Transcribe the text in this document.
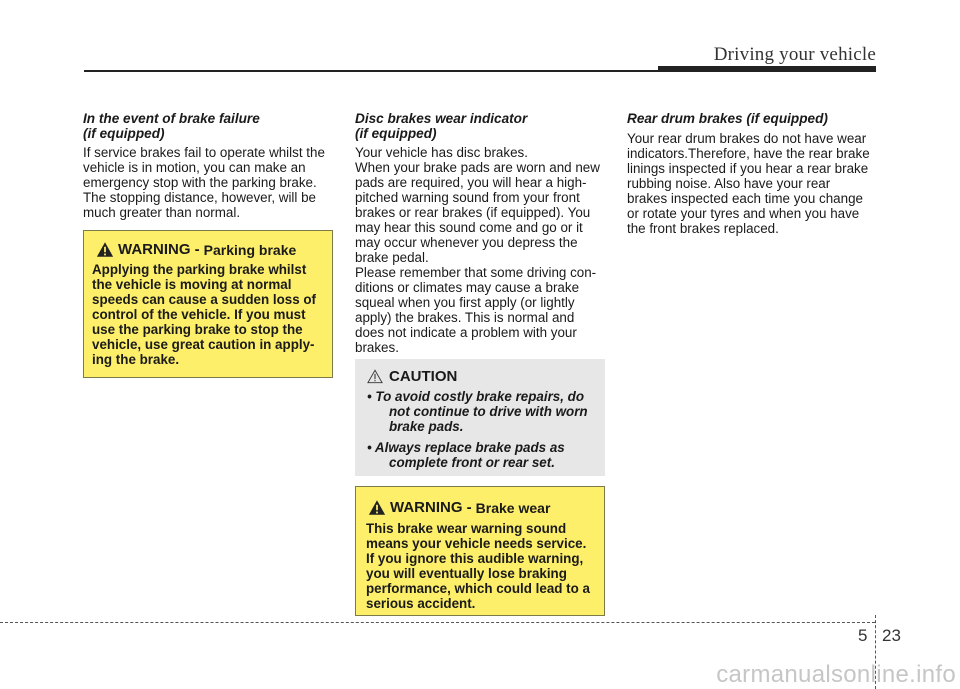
Driving your vehicle
In the event of brake failure
(if equipped)

If service brakes fail to operate whilst the
vehicle is in motion, you can make an
emergency stop with the parking brake.
The stopping distance, however, will be
much greater than normal.

WARNING - Parking brake

Applying the parking brake whilst
the vehicle is moving at normal
speeds can cause a sudden loss of
control of the vehicle. If you must
use the parking brake to stop the
vehicle, use great caution in apply-
ing the brake.

Disc brakes wear indicator
(if equipped)

Your vehicle has disc brakes.
When your brake pads are worn and new
pads are required, you will hear a high-
pitched warning sound from your front
brakes or rear brakes (if equipped). You
may hear this sound come and go or it
may occur whenever you depress the
brake pedal.
Please remember that some driving con-
ditions or climates may cause a brake
squeal when you first apply (or lightly
apply) the brakes. This is normal and
does not indicate a problem with your
brakes.

CAUTION
• To avoid costly brake repairs, do
not continue to drive with worn
brake pads.
• Always replace brake pads as
complete front or rear set.
WARNING - Brake wear

This brake wear warning sound
means your vehicle needs service.
If you ignore this audible warning,
you will eventually lose braking
performance, which could lead to a
serious accident.

Rear drum brakes (if equipped)

Your rear drum brakes do not have wear
indicators.Therefore, have the rear brake
linings inspected if you hear a rear brake
rubbing noise. Also have your rear
brakes inspected each time you change
or rotate your tyres and when you have
the front brakes replaced.

5 23
carmanualsonline.info
